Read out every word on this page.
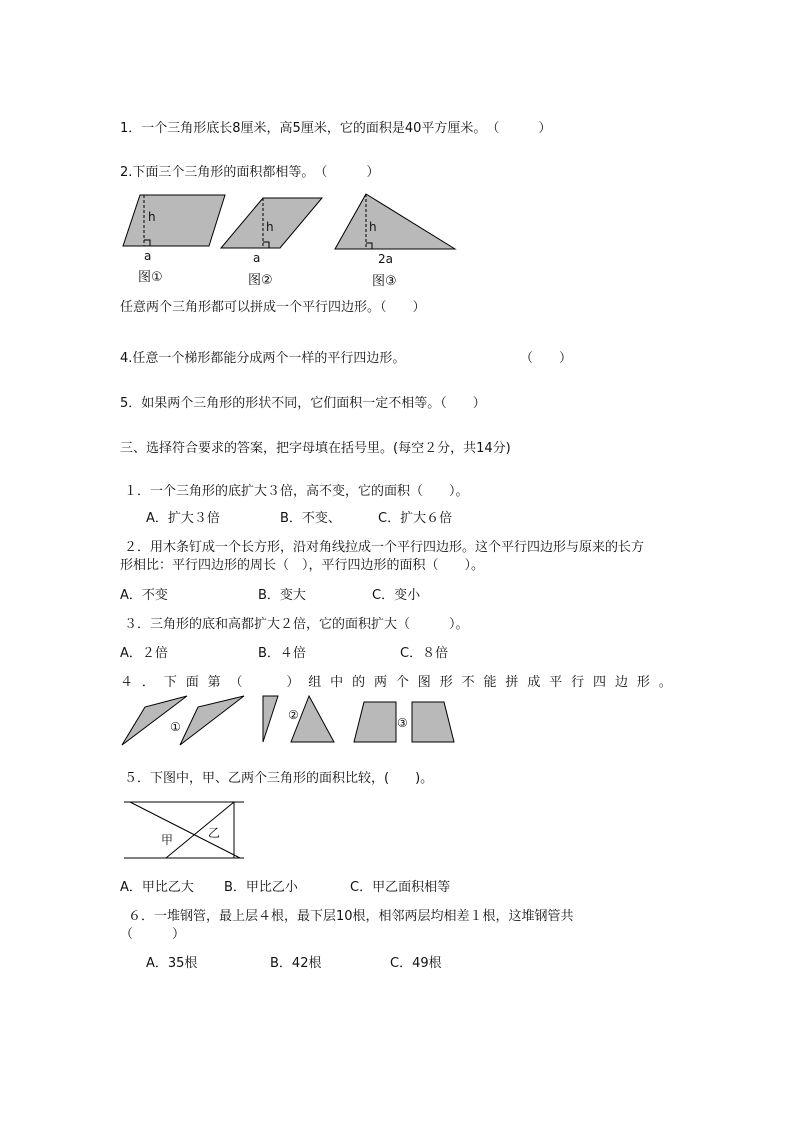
1．一个三角形底长8厘米，高5厘米，它的面积是40平方厘米。　（　　　）
2.下面三个三角形的面积都相等。　（　　　）
h
a
图①
h
a
图②
h
2a
图③
任意两个三角形都可以拼成一个平行四边形。（　　）
4.任意一个梯形都能分成两个一样的平行四边形。	（　　）
5．如果两个三角形的形状不同，它们面积一定不相等。（　　）
三、选择符合要求的答案，把字母填在括号里。(每空２分，共14分)
１．一个三角形的底扩大３倍，高不变，它的面积（　　）。
A．扩大３倍	B．不变、	C．扩大６倍
２．用木条钉成一个长方形，沿对角线拉成一个平行四边形。这个平行四边形与原来的长方
形相比：平行四边形的周长（　），平行四边形的面积（　　）。
A．不变	B．变大	C．变小
３．三角形的底和高都扩大２倍，它的面积扩大（　　　）。
A．２倍	B．４倍	C．８倍
４ ． 下 面 第 （
　　	） 组 中 的 两 个 图 形 不 能 拼 成 平 行 四 边 形 。
①
②
③
５．下图中，甲、乙两个三角形的面积比较，(　　)。
甲	乙
A．甲比乙大 B．甲比乙小	C．甲乙面积相等
６．一堆钢管，最上层４根，最下层10根，相邻两层均相差１根，这堆钢管共
（　　　）
A．35根	B．42根	C．49根
